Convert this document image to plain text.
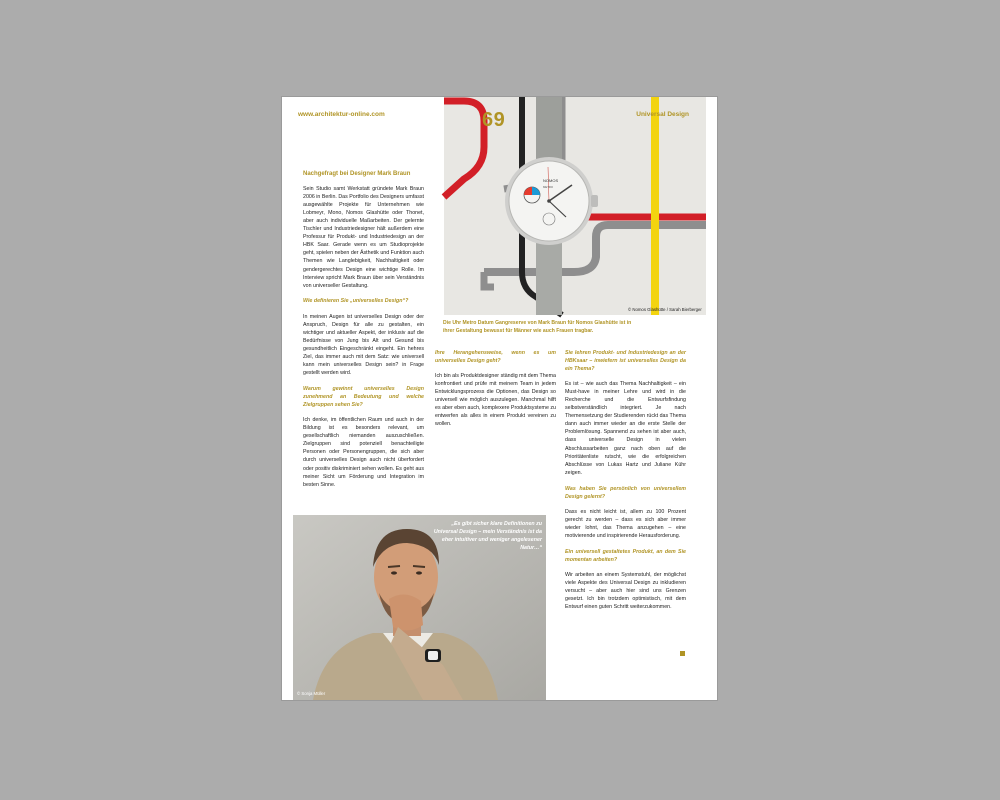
NOMOS
METRO
www.architektur-online.com	69	Universal Design
© Nomos Glashütte / Sarah Bierberger
Die Uhr Metro Datum Gangreserve von Mark Braun für Nomos Glashütte ist in ihrer Gestaltung bewusst für Männer wie auch Frauen tragbar.

Nachgefragt bei Designer Mark Braun

Sein Studio samt Werkstatt gründete Mark Braun 2006 in Berlin. Das Portfolio des Designers umfasst ausgewählte Projekte für Unternehmen wie Lobmeyr, Mono, Nomos Glashütte oder Thonet, aber auch individuelle Maßarbeiten. Der gelernte Tischler und Industriedesigner hält außerdem eine Professur für Produkt- und Industriedesign an der HBK Saar. Gerade wenn es um Studioprojekte geht, spielen neben der Ästhetik und Funktion auch Themen wie Langlebigkeit, Nachhaltigkeit oder gendergerechtes Design eine wichtige Rolle. Im Interview spricht Mark Braun über sein Verständnis von universeller Gestaltung.

Wie definieren Sie „universelles Design“?

In meinen Augen ist universelles Design oder der Anspruch, Design für alle zu gestalten, ein wichtiger und aktueller Aspekt, der inklusiv auf die Bedürfnisse von Jung bis Alt und Gesund bis gesundheitlich Eingeschränkt eingeht. Ein hehres Ziel, das immer auch mit dem Satz: wie universell kann mein universelles Design sein? in Frage gestellt werden wird.

Warum gewinnt universelles Design zunehmend an Bedeutung und welche Zielgruppen sehen Sie?

Ich denke, im öffentlichen Raum und auch in der Bildung ist es besonders relevant, um gesellschaftlich niemanden auszuschließen. Zielgruppen sind potenziell benachteiligte Personen oder Personengruppen, die sich aber durch universelles Design auch nicht überfordert oder positiv diskriminiert sehen wollen. Es geht aus meiner Sicht um Förderung und Integration im besten Sinne.

Ihre Herangehensweise, wenn es um universelles Design geht?

Ich bin als Produktdesigner ständig mit dem Thema konfrontiert und prüfe mit meinem Team in jedem Entwicklungsprozess die Optionen, das Design so universell wie möglich auszulegen. Manchmal hilft es aber eben auch, komplexere Produktsysteme zu entwerfen als alles in einem Produkt vereinen zu wollen.

Sie lehren Produkt- und Industriedesign an der HBKsaar – inwiefern ist universelles Design da ein Thema?

Es ist – wie auch das Thema Nachhaltigkeit – ein Must-have in meiner Lehre und wird in die Recherche und die Entwurfsfindung selbstverständlich integriert. Je nach Themensetzung der Studierenden rückt das Thema dann auch immer wieder an die erste Stelle der Problemlösung. Spannend zu sehen ist aber auch, dass universelle Design in vielen Abschlussarbeiten ganz nach oben auf die Prioritätenliste rutscht, wie die erfolgreichen Abschlüsse von Lukas Hartz und Juliane Kühr zeigen.

Was haben Sie persönlich von universellem Design gelernt?

Dass es nicht leicht ist, allem zu 100 Prozent gerecht zu werden – dass es sich aber immer wieder lohnt, das Thema anzugehen – eine motivierende und inspirierende Herausforderung.

Ein universell gestaltetes Produkt, an dem Sie momentan arbeiten?

Wir arbeiten an einem Systemstuhl, der möglichst viele Aspekte des Universal Design zu inkludieren versucht – aber auch hier sind uns Grenzen gesetzt. Ich bin trotzdem optimistisch, mit dem Entwurf einen guten Schritt weiterzukommen.

„Es gibt sicher klare Definitionen zu Universal Design – mein Verständnis ist da eher intuitiver und weniger angelesener Natur…“
© Sonja Müller
